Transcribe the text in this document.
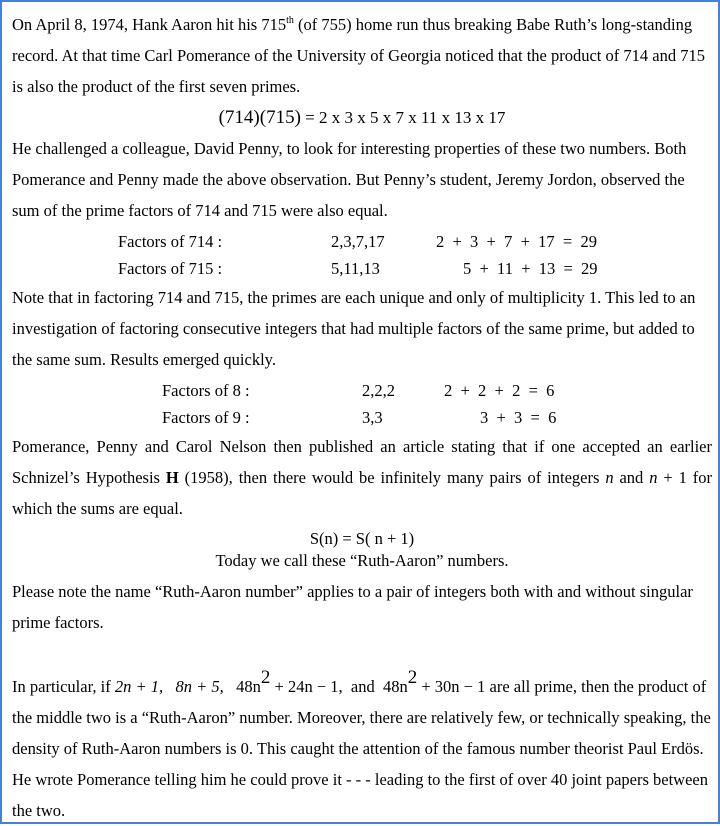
On April 8, 1974, Hank Aaron hit his 715th (of 755) home run thus breaking Babe Ruth’s long-standing record. At that time Carl Pomerance of the University of Georgia noticed that the product of 714 and 715 is also the product of the first seven primes.

(714)(715) = 2 x 3 x 5 x 7 x 11 x 13 x 17

He challenged a colleague, David Penny, to look for interesting properties of these two numbers. Both Pomerance and Penny made the above observation. But Penny’s student, Jeremy Jordon, observed the sum of the prime factors of 714 and 715 were also equal.

Factors of 714 :	2,3,7,17	2  +  3  +  7  +  17  =  29
Factors of 715 :	5,11,13	5  +  11  +  13  =  29

Note that in factoring 714 and 715, the primes are each unique and only of multiplicity 1. This led to an investigation of factoring consecutive integers that had multiple factors of the same prime, but added to the same sum. Results emerged quickly.

Factors of 8 :	2,2,2	2  +  2  +  2  =  6
Factors of 9 :	3,3	3  +  3  =  6

Pomerance, Penny and Carol Nelson then published an article stating that if one accepted an earlier Schnizel’s Hypothesis H (1958), then there would be infinitely many pairs of integers n and n + 1 for which the sums are equal.

S(n) = S( n + 1)

Today we call these “Ruth-Aaron” numbers.

Please note the name “Ruth-Aaron number” applies to a pair of integers both with and without singular prime factors.

In particular, if 2n + 1, 8n + 5, 48n2 + 24n − 1, and 48n2 + 30n − 1 are all prime, then the product of the middle two is a “Ruth-Aaron” number. Moreover, there are relatively few, or technically speaking, the density of Ruth-Aaron numbers is 0. This caught the attention of the famous number theorist Paul Erdös. He wrote Pomerance telling him he could prove it - - - leading to the first of over 40 joint papers between the two.
